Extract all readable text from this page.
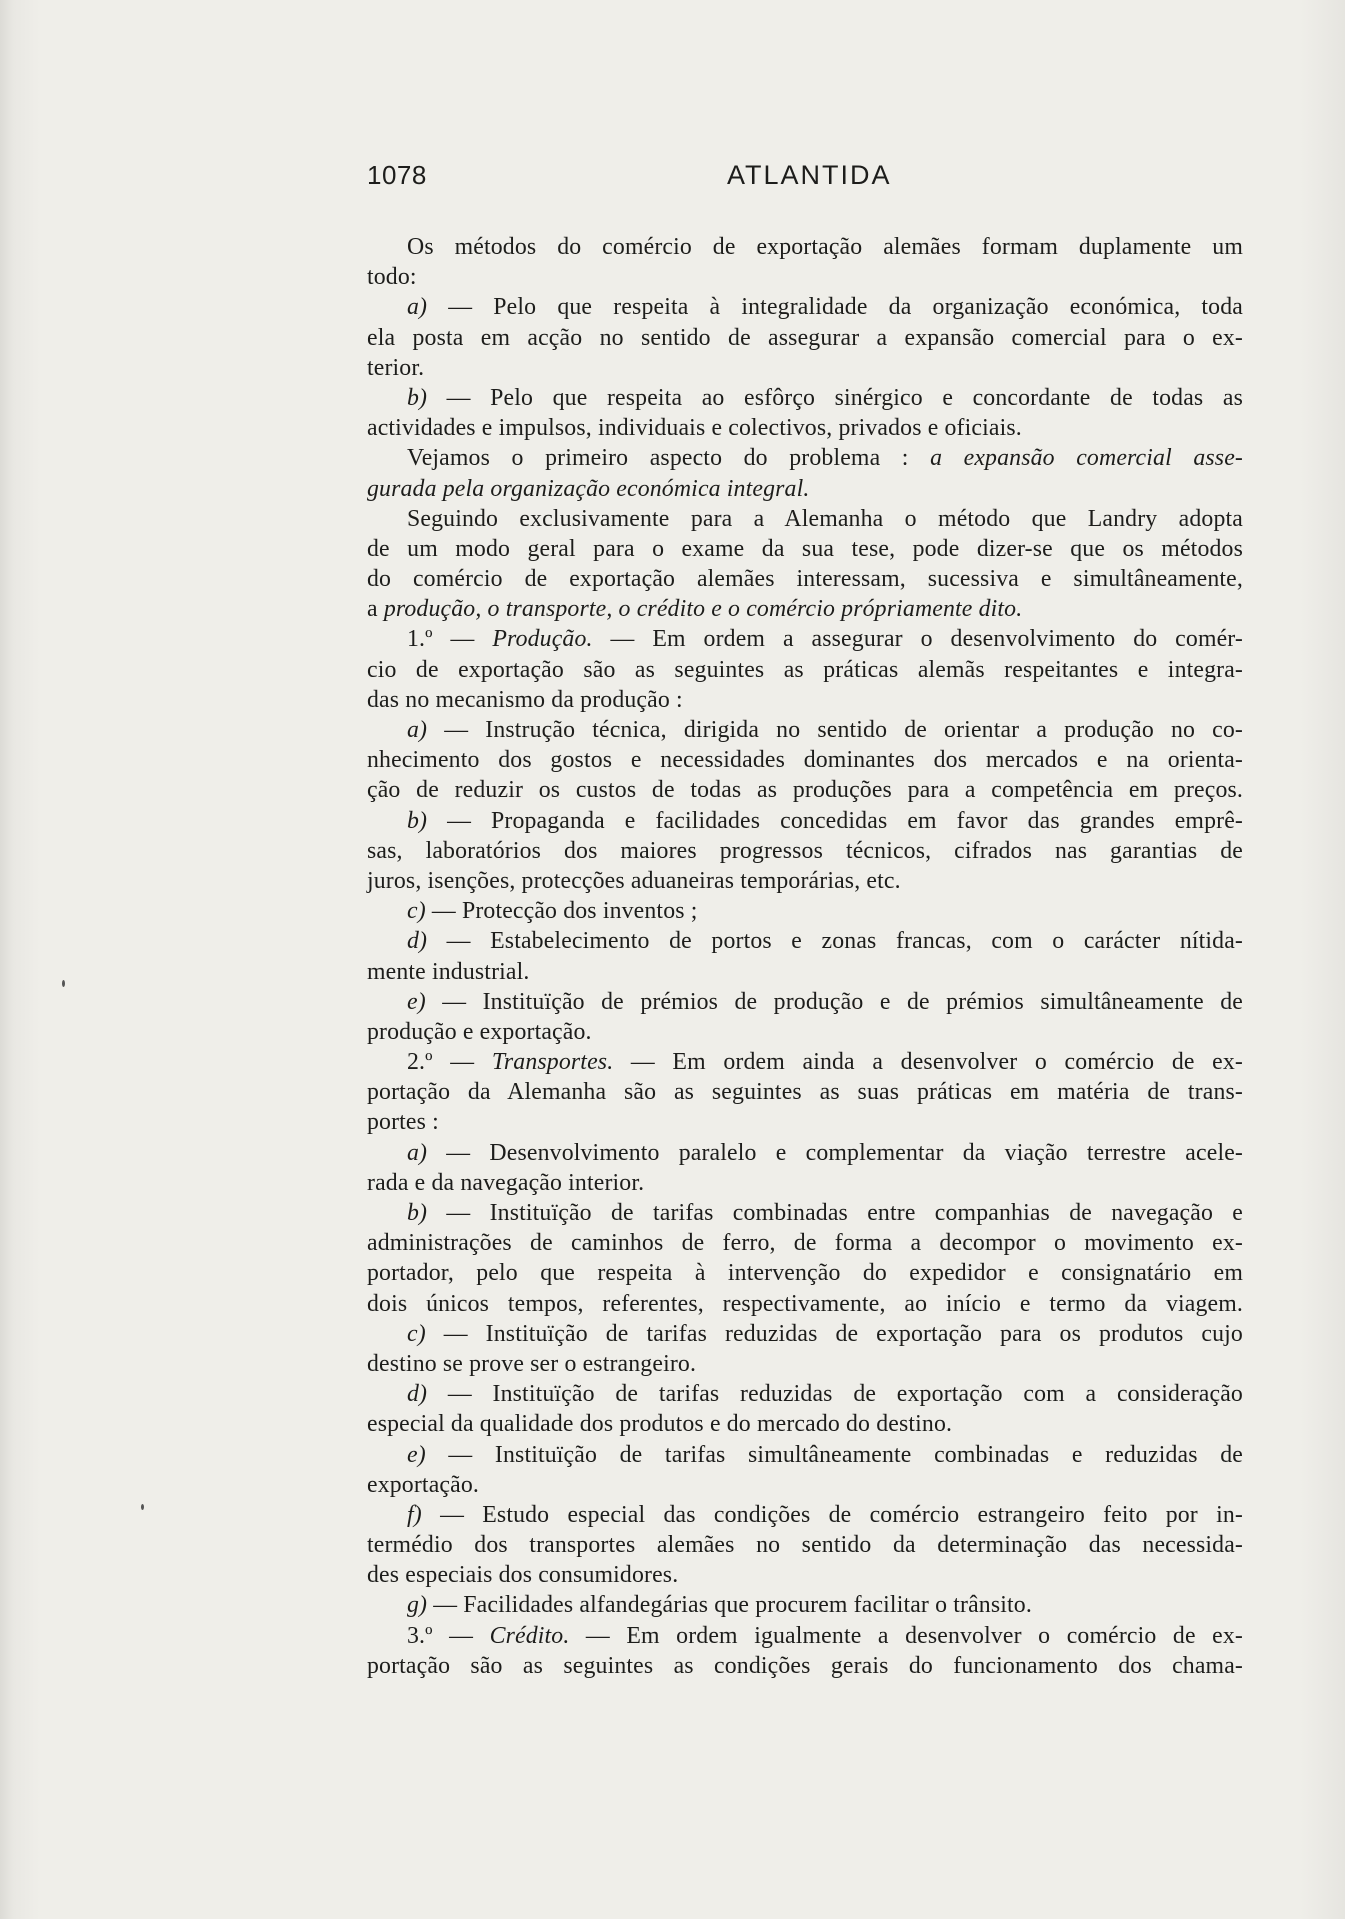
1078	ATLANTIDA
Os métodos do comércio de exportação alemães formam duplamente um
todo:
a) — Pelo que respeita à integralidade da organização económica, toda
ela posta em acção no sentido de assegurar a expansão comercial para o ex-
terior.
b) — Pelo que respeita ao esfôrço sinérgico e concordante de todas as
actividades e impulsos, individuais e colectivos, privados e oficiais.
Vejamos o primeiro aspecto do problema : a expansão comercial asse-
gurada pela organização económica integral.
Seguindo exclusivamente para a Alemanha o método que Landry adopta
de um modo geral para o exame da sua tese, pode dizer-se que os métodos
do comércio de exportação alemães interessam, sucessiva e simultâneamente,
a produção, o transporte, o crédito e o comércio própriamente dito.
1.º — Produção. — Em ordem a assegurar o desenvolvimento do comér-
cio de exportação são as seguintes as práticas alemãs respeitantes e integra-
das no mecanismo da produção :
a) — Instrução técnica, dirigida no sentido de orientar a produção no co-
nhecimento dos gostos e necessidades dominantes dos mercados e na orienta-
ção de reduzir os custos de todas as produções para a competência em preços.
b) — Propaganda e facilidades concedidas em favor das grandes emprê-
sas, laboratórios dos maiores progressos técnicos, cifrados nas garantias de
juros, isenções, protecções aduaneiras temporárias, etc.
c) — Protecção dos inventos ;
d) — Estabelecimento de portos e zonas francas, com o carácter nítida-
mente industrial.
e) — Instituïção de prémios de produção e de prémios simultâneamente de
produção e exportação.
2.º — Transportes. — Em ordem ainda a desenvolver o comércio de ex-
portação da Alemanha são as seguintes as suas práticas em matéria de trans-
portes :
a) — Desenvolvimento paralelo e complementar da viação terrestre acele-
rada e da navegação interior.
b) — Instituïção de tarifas combinadas entre companhias de navegação e
administrações de caminhos de ferro, de forma a decompor o movimento ex-
portador, pelo que respeita à intervenção do expedidor e consignatário em
dois únicos tempos, referentes, respectivamente, ao início e termo da viagem.
c) — Instituïção de tarifas reduzidas de exportação para os produtos cujo
destino se prove ser o estrangeiro.
d) — Instituïção de tarifas reduzidas de exportação com a consideração
especial da qualidade dos produtos e do mercado do destino.
e) — Instituïção de tarifas simultâneamente combinadas e reduzidas de
exportação.
f) — Estudo especial das condições de comércio estrangeiro feito por in-
termédio dos transportes alemães no sentido da determinação das necessida-
des especiais dos consumidores.
g) — Facilidades alfandegárias que procurem facilitar o trânsito.
3.º — Crédito. — Em ordem igualmente a desenvolver o comércio de ex-
portação são as seguintes as condições gerais do funcionamento dos chama-
